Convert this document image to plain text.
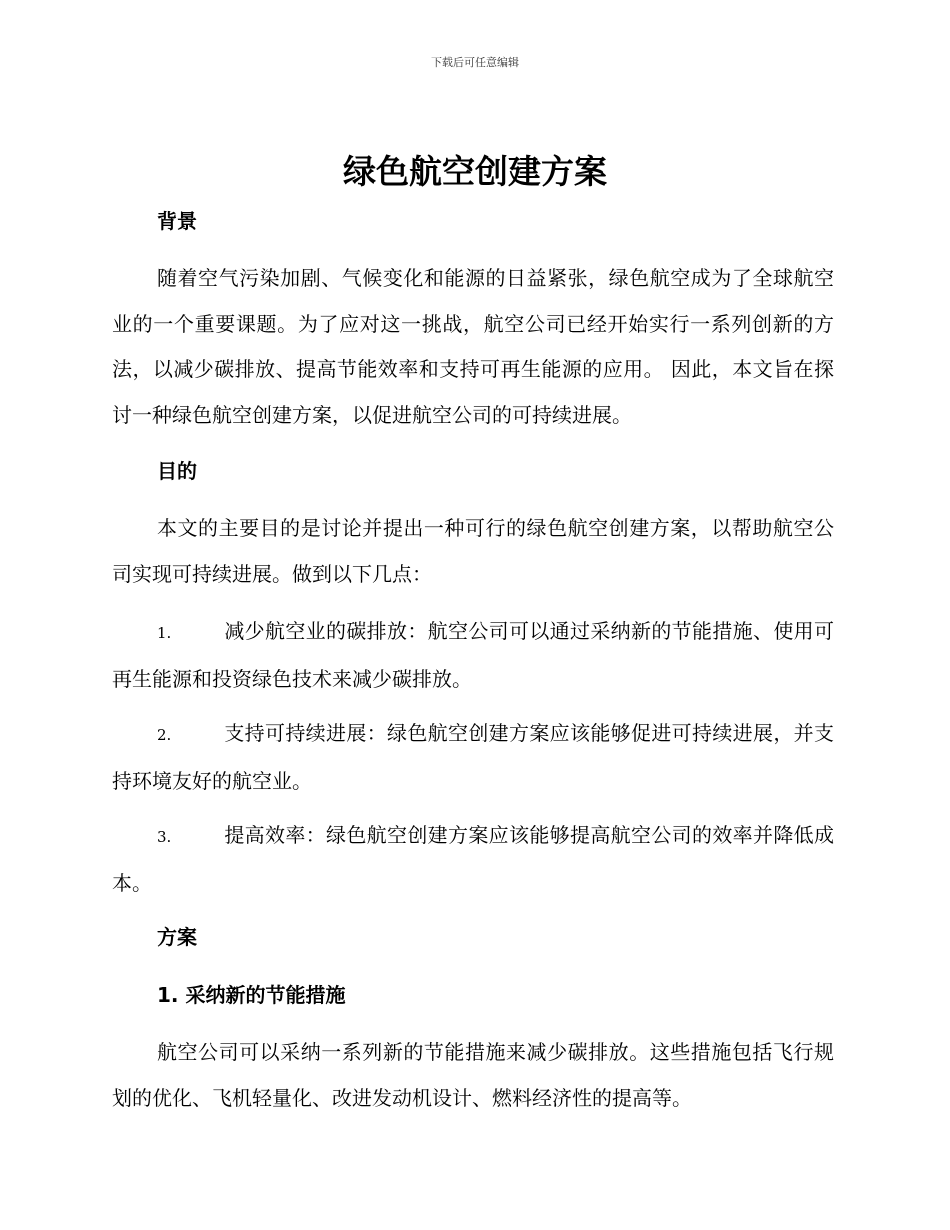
下载后可任意编辑
绿色航空创建方案
背景

随着空气污染加剧、气候变化和能源的日益紧张，绿色航空成为了全球航空业的一个重要课题。为了应对这一挑战，航空公司已经开始实行一系列创新的方法，以减少碳排放、提高节能效率和支持可再生能源的应用。 因此，本文旨在探讨一种绿色航空创建方案，以促进航空公司的可持续进展。

目的

本文的主要目的是讨论并提出一种可行的绿色航空创建方案，以帮助航空公司实现可持续进展。做到以下几点：

1.	减少航空业的碳排放：航空公司可以通过采纳新的节能措施、使用可再生能源和投资绿色技术来减少碳排放。

2.	支持可持续进展：绿色航空创建方案应该能够促进可持续进展，并支持环境友好的航空业。

3.	提高效率：绿色航空创建方案应该能够提高航空公司的效率并降低成本。

方案
1. 采纳新的节能措施

航空公司可以采纳一系列新的节能措施来减少碳排放。这些措施包括飞行规划的优化、飞机轻量化、改进发动机设计、燃料经济性的提高等。
